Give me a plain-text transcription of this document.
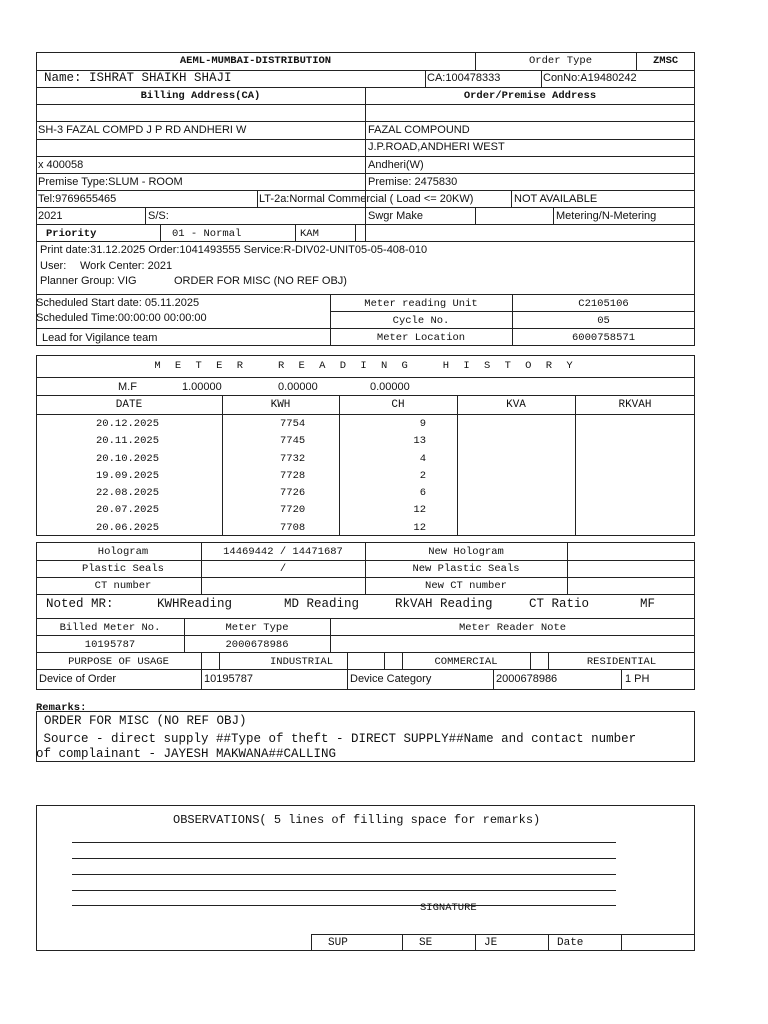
AEML-MUMBAI-DISTRIBUTION	Order Type	ZMSC
Name: ISHRAT SHAIKH SHAJI	CA:100478333	ConNo:A19480242
Billing Address(CA)	Order/Premise Address
SH-3 FAZAL COMPD J P RD ANDHERI W	FAZAL COMPOUND
J.P.ROAD,ANDHERI WEST
x 400058	Andheri(W)
Premise Type:SLUM - ROOM	Premise: 2475830
Tel:9769655465	LT-2a:Normal Commercial ( Load <= 20KW)	NOT AVAILABLE
2021	S/S:	Swgr Make	Metering/N-Metering
Priority	01 - Normal	KAM
Print date:31.12.2025 Order:1041493555 Service:R-DIV02-UNIT05-05-408-010
User: Work Center: 2021
Planner Group: VIG	ORDER FOR MISC (NO REF OBJ)
Scheduled Start date: 05.11.2025
Scheduled Time:00:00:00 00:00:00
Lead for Vigilance team
Meter reading Unit	C2105106
Cycle No.	05
Meter Location	6000758571
M E T E R   R E A D I N G   H I S T O R Y
M.F	1.00000	0.00000	0.00000
DATE	KWH	CH	KVA	RKVAH
20.12.2025	7754	9
20.11.2025	7745	13
20.10.2025	7732	4
19.09.2025	7728	2
22.08.2025	7726	6
20.07.2025	7720	12
20.06.2025	7708	12
Hologram	14469442 / 14471687	New Hologram
Plastic Seals	/	New Plastic Seals
CT number	New CT number
Noted MR:	KWHReading	MD Reading	RkVAH Reading	CT Ratio	MF
Billed Meter No.	Meter Type	Meter Reader Note
10195787	2000678986
PURPOSE OF USAGE	INDUSTRIAL	COMMERCIAL	RESIDENTIAL
Device of Order	10195787	Device Category	2000678986	1 PH
Remarks:
ORDER FOR MISC (NO REF OBJ)
Source - direct supply ##Type of theft - DIRECT SUPPLY##Name and contact number
of complainant - JAYESH MAKWANA##CALLING
OBSERVATIONS( 5 lines of filling space for remarks)
SIGNATURE
SUP	SE	JE	Date
